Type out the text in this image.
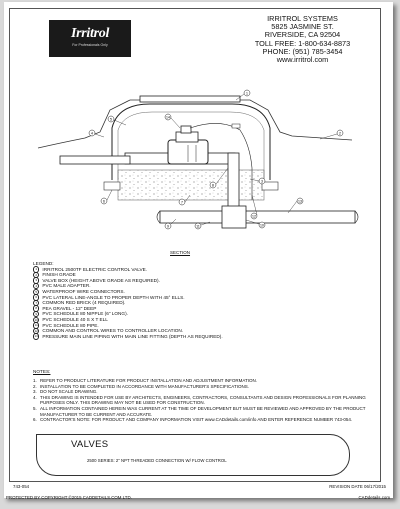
Irritrol
For Professionals Only
IRRITROL SYSTEMS
5825 JASMINE ST.
RIVERSIDE, CA 92504
TOLL FREE: 1-800-634-8873
PHONE: (951) 785-3454
www.irritrol.com
1
2
3
4
5
6	7
8
9	10
11
12
13
14
SECTION
LEGEND:
1	IRRITROL 2500TF ELECTRIC CONTROL VALVE.
2	FINISH GRADE
3	VALVE BOX (HEIGHT ABOVE GRADE AS REQUIRED).
4	PVC MALE ADAPTER.
5	WATERPROOF WIRE CONNECTORS.
6	PVC LATERAL LINE-ANGLE TO PROPER DEPTH WITH 45° ELLS.
7	COMMON RED BRICK (4 REQUIRED).
8	PEA GRAVEL - 12" DEEP
9	PVC SCHEDULE 80 NIPPLE (6" LONG).
10 PVC SCHEDULE 40 S X T ELL
11 PVC SCHEDULE 80 PIPE.
12 COMMON AND CONTROL WIRES TO CONTROLLER LOCATION.
13 PRESSURE MAIN LINE PIPING WITH MAIN LINE FITTING (DEPTH AS REQUIRED).
NOTES:
1. REFER TO PRODUCT LITERATURE FOR PRODUCT INSTALLATION AND ADJUSTMENT INFORMATION.
2. INSTALLATION TO BE COMPLETED IN ACCORDANCE WITH MANUFACTURER'S SPECIFICATIONS.
3. DO NOT SCALE DRAWING.
4. THIS DRAWING IS INTENDED FOR USE BY ARCHITECTS, ENGINEERS, CONTRACTORS, CONSULTANTS AND DESIGN PROFESSIONALS FOR PLANNING PURPOSES ONLY. THIS DRAWING MAY NOT BE USED FOR CONSTRUCTION.
5. ALL INFORMATION CONTAINED HEREIN WAS CURRENT AT THE TIME OF DEVELOPMENT BUT MUST BE REVIEWED AND APPROVED BY THE PRODUCT MANUFACTURER TO BE CURRENT AND ACCURATE.
6. CONTRACTOR'S NOTE: FOR PRODUCT AND COMPANY INFORMATION VISIT www.CADdetails.com/info AND ENTER REFERENCE NUMBER 743-054.
VALVES
2500 SERIES: 2" NPT THREADED CONNECTION W/ FLOW CONTROL
743-054	REVISION DATE 06/17/2015
PROTECTED BY COPYRIGHT ©2015 CADDETAILS.COM LTD.	CADdetails.com
